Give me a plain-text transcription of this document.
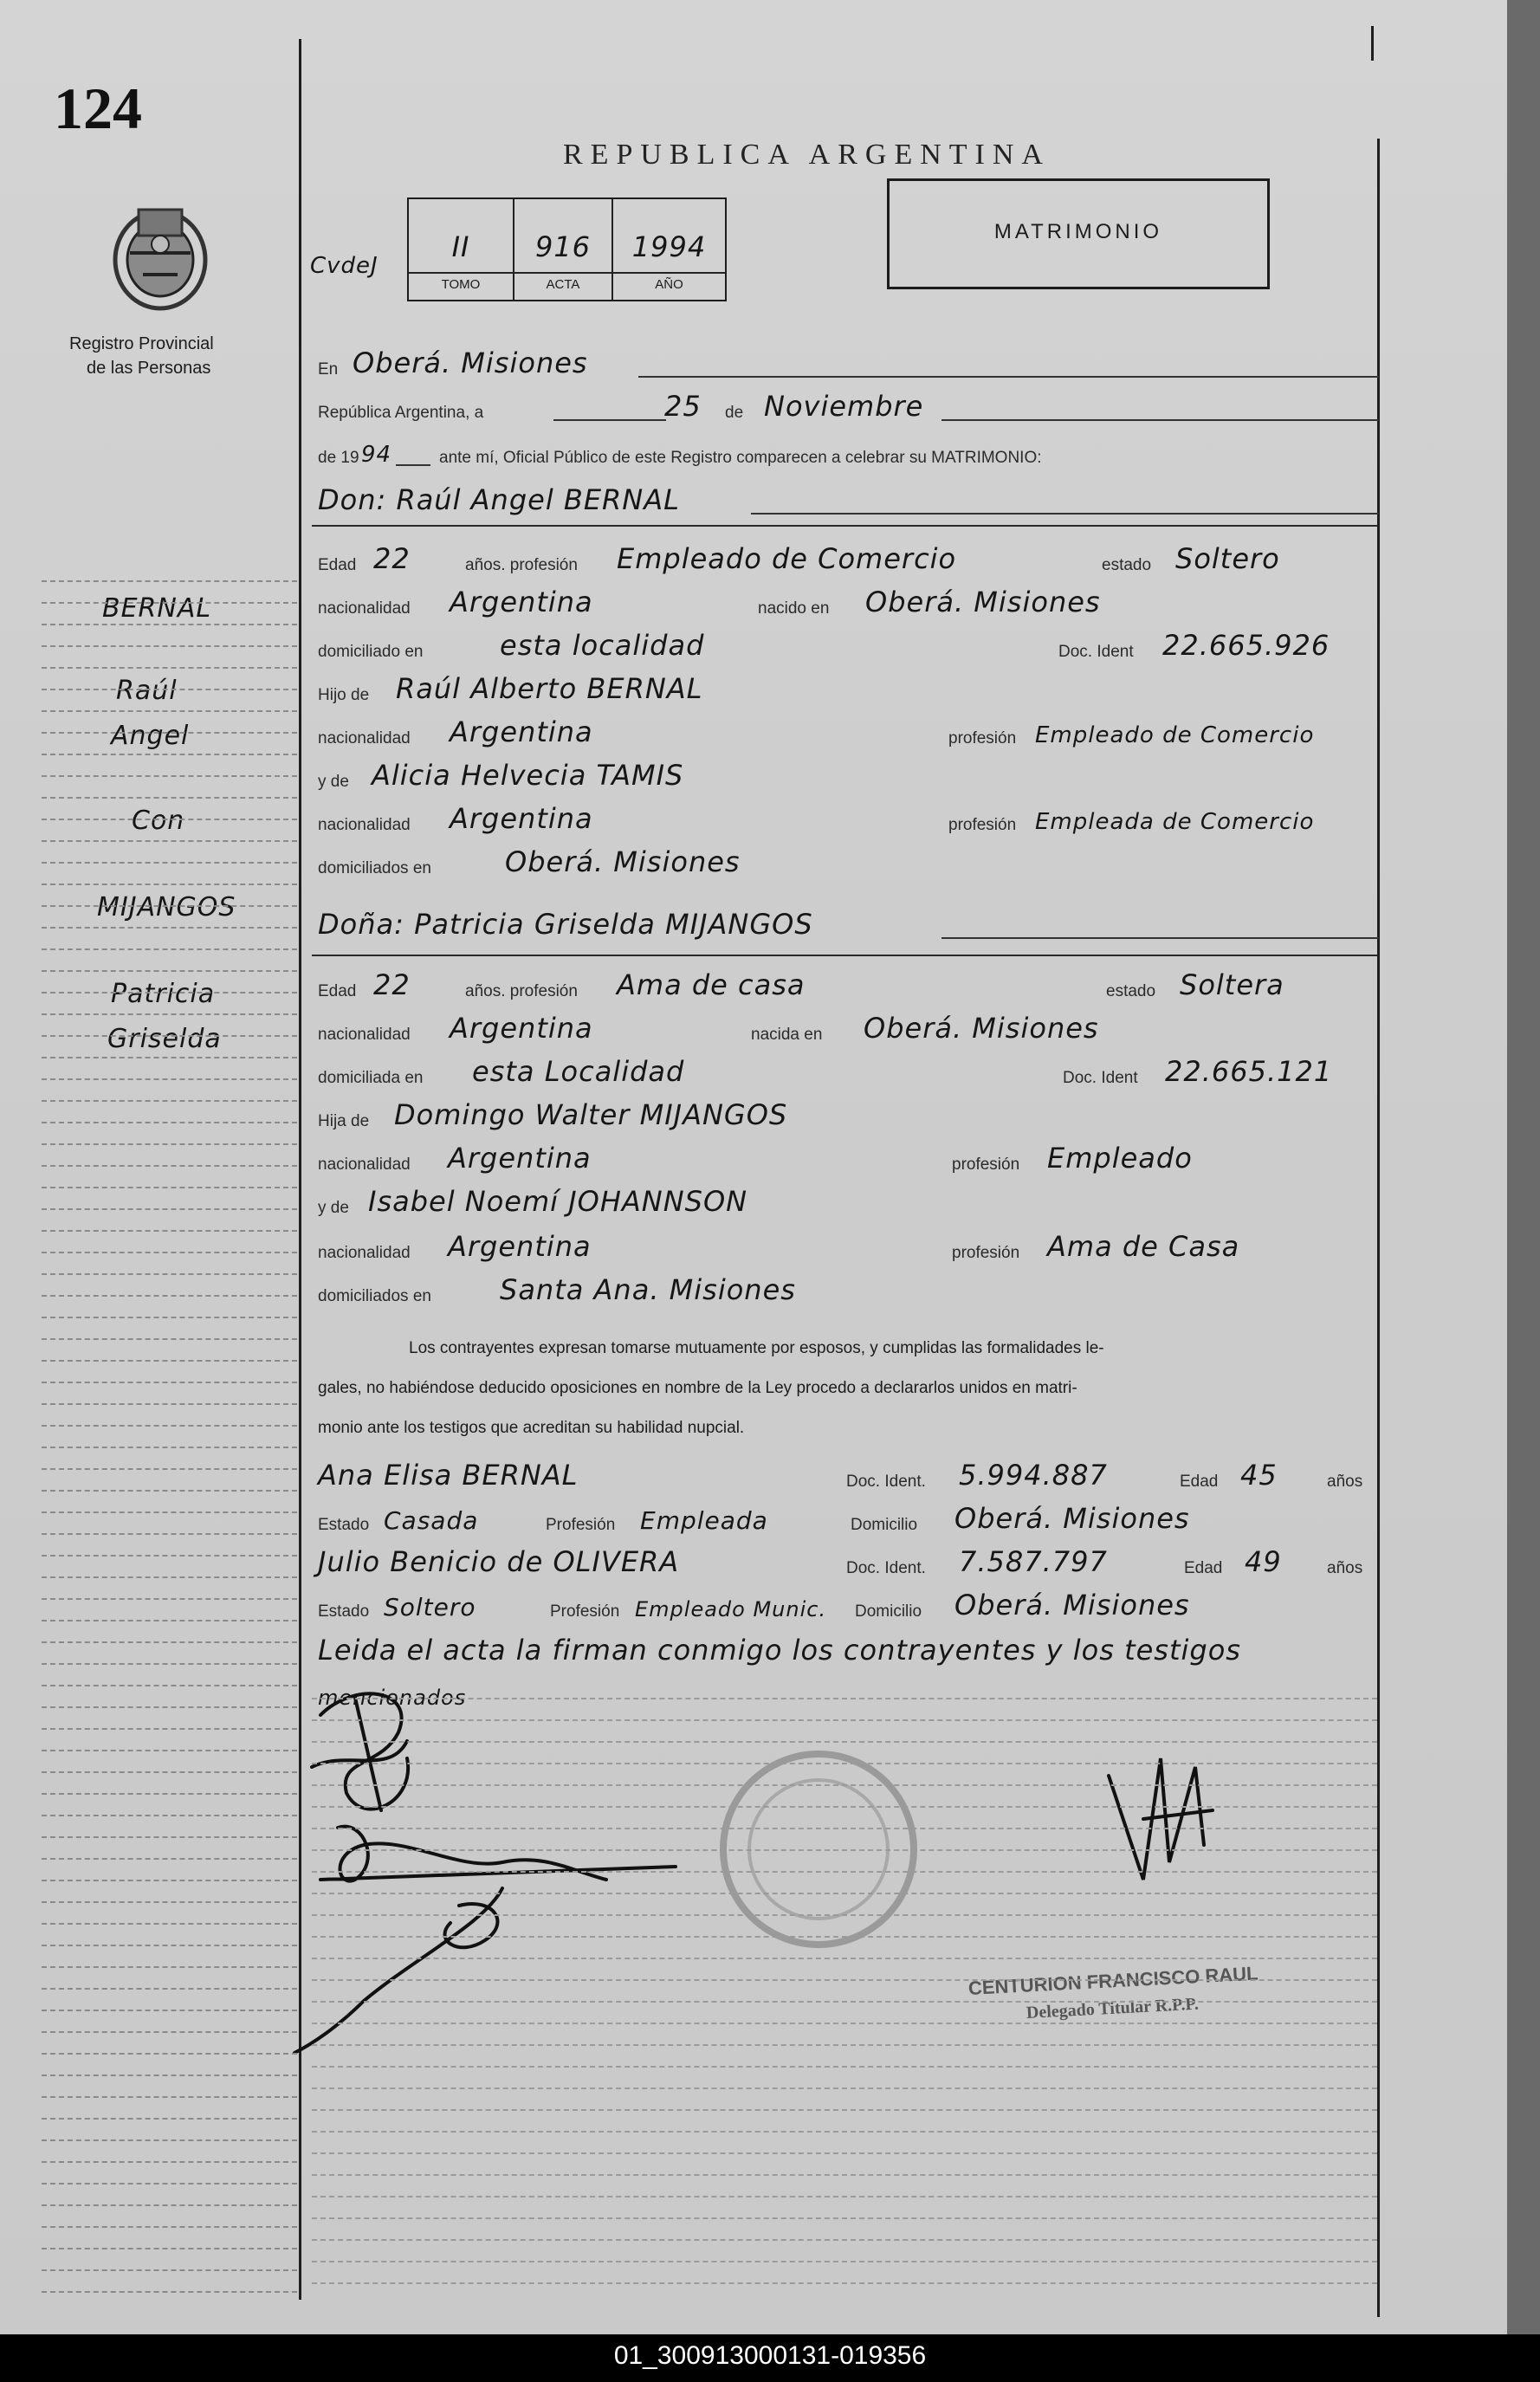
124
Registro Provincial
de las Personas
REPUBLICA ARGENTINA
MATRIMONIO
CvdeJ
II	916	1994
TOMO	ACTA	AÑO
BERNAL
Raúl
Angel
Con
MIJANGOS
Patricia
Griselda
En Oberá. Misiones
República Argentina, a	25 de Noviembre
de 19 94	ante mí, Oficial Público de este Registro comparecen a celebrar su MATRIMONIO:
Don: Raúl Angel BERNAL
Edad 22	años. profesión Empleado de Comercio	estado Soltero
nacionalidad Argentina	nacido en Oberá. Misiones
domiciliado en	esta localidad	Doc. Ident 22.665.926
Hijo de Raúl Alberto BERNAL
nacionalidad Argentina	profesión Empleado de Comercio
y de Alicia Helvecia TAMIS
nacionalidad Argentina	profesión Empleada de Comercio
domiciliados en	Oberá. Misiones
Doña: Patricia Griselda MIJANGOS
Edad 22	años. profesión Ama de casa	estado Soltera
nacionalidad Argentina	nacida en Oberá. Misiones
domiciliada en esta Localidad	Doc. Ident 22.665.121
Hija de Domingo Walter MIJANGOS
nacionalidad Argentina	profesión Empleado
y de Isabel Noemí JOHANNSON
nacionalidad Argentina	profesión Ama de Casa
domiciliados en Santa Ana. Misiones
Los contrayentes expresan tomarse mutuamente por esposos, y cumplidas las formalidades le-
gales, no habiéndose deducido oposiciones en nombre de la Ley procedo a declararlos unidos en matri-
monio ante los testigos que acreditan su habilidad nupcial.
Ana Elisa BERNAL	Doc. Ident. 5.994.887	Edad 45	años
Estado Casada	Profesión Empleada	Domicilio Oberá. Misiones
Julio Benicio de OLIVERA	Doc. Ident. 7.587.797	Edad 49	años
Estado Soltero	Profesión Empleado Munic. Domicilio Oberá. Misiones
Leida el acta la firman conmigo los contrayentes y los testigos
mencionados
CENTURION FRANCISCO RAUL
Delegado Titular R.P.P.
01_300913000131-019356
